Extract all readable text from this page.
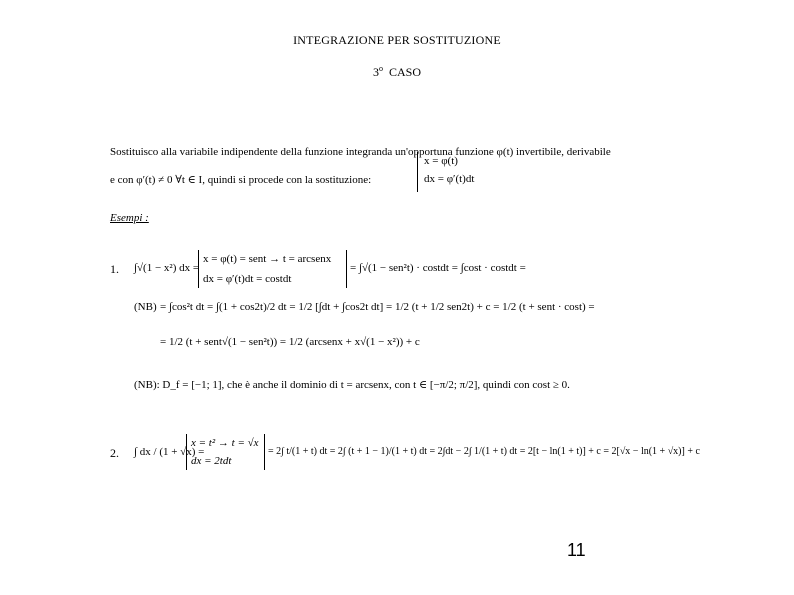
INTEGRAZIONE PER SOSTITUZIONE
3$^o$ CASO
Sostituisco alla variabile indipendente della funzione integranda un'opportuna funzione φ(t) invertibile, derivabile
e con φ′(t) ≠ 0 ∀t ∈ I, quindi si procede con la sostituzione:
x = φ(t)
dx = φ′(t)dt
Esempi :
1. ∫√(1 − x²) dx =
x = φ(t) = sent → t = arcsenx
dx = φ′(t)dt = costdt
= ∫√(1 − sen²t) · costdt = ∫cost · costdt =
(NB) = ∫cos²t dt = ∫(1 + cos2t)/2 dt = 1/2 [∫dt + ∫cos2t dt] = 1/2 (t + 1/2 sen2t) + c = 1/2 (t + sent · cost) =
= 1/2 (t + sent√(1 − sen²t)) = 1/2 (arcsenx + x√(1 − x²)) + c
(NB): D_f = [−1; 1], che è anche il dominio di t = arcsenx, con t ∈ [−π/2; π/2], quindi con cost ≥ 0.
2. ∫ dx / (1 + √x) =
x = t² → t = √x
dx = 2tdt
= 2∫ t/(1 + t) dt = 2∫ (t + 1 − 1)/(1 + t) dt = 2∫dt − 2∫ 1/(1 + t) dt = 2[t − ln(1 + t)] + c = 2[√x − ln(1 + √x)] + c
11
